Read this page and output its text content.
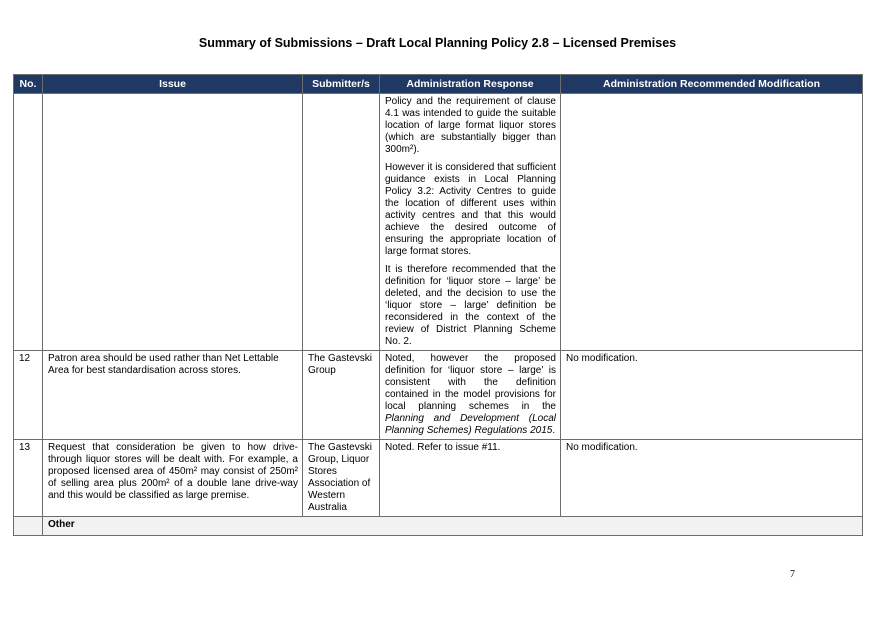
Summary of Submissions – Draft Local Planning Policy 2.8 – Licensed Premises
No.	Issue	Submitter/s	Administration Response	Administration Recommended Modification

			Policy and the requirement of clause 4.1 was intended to guide the suitable location of large format liquor stores (which are substantially bigger than 300m²).

However it is considered that sufficient guidance exists in Local Planning Policy 3.2: Activity Centres to guide the location of different uses within activity centres and that this would achieve the desired outcome of ensuring the appropriate location of large format stores.

It is therefore recommended that the definition for ‘liquor store – large’ be deleted, and the decision to use the ‘liquor store – large’ definition be reconsidered in the context of the review of District Planning Scheme No. 2.	

12	Patron area should be used rather than Net Lettable Area for best standardisation across stores.	The Gastevski Group	Noted, however the proposed definition for ‘liquor store – large’ is consistent with the definition contained in the model provisions for local planning schemes in the Planning and Development (Local Planning Schemes) Regulations 2015.	No modification.
13	Request that consideration be given to how drive-through liquor stores will be dealt with. For example, a proposed licensed area of 450m² may consist of 250m² of selling area plus 200m² of a double lane drive-way and this would be classified as large premise.	The Gastevski Group, Liquor Stores Association of Western Australia	Noted. Refer to issue #11.	No modification.
	Other			
7
